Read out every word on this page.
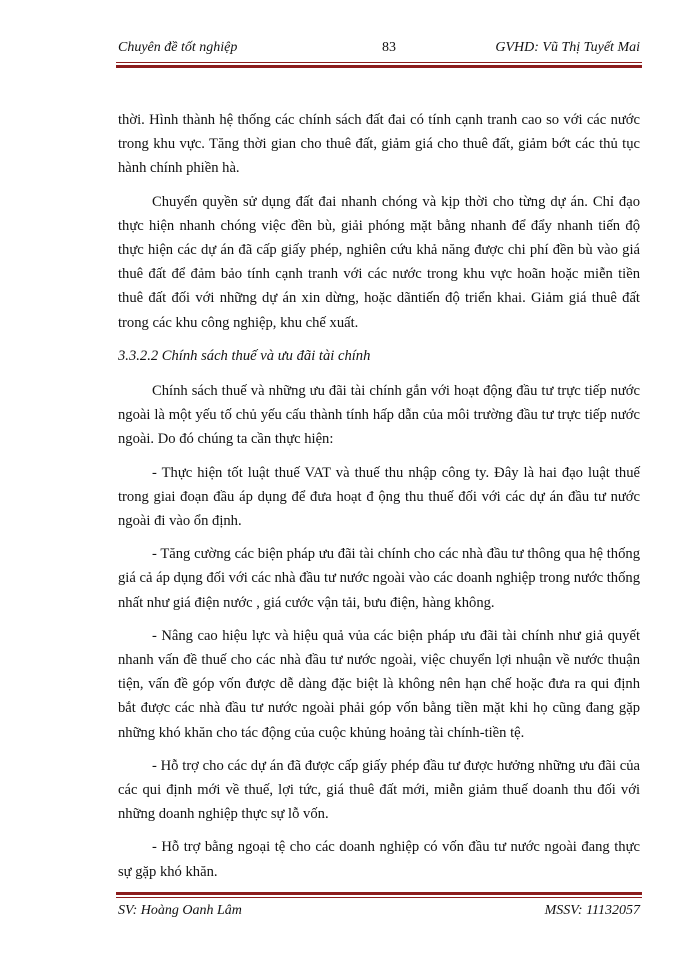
Chuyên đề tốt nghiệp	83	GVHD: Vũ Thị Tuyết Mai

thời. Hình thành hệ thống các chính sách đất đai có tính cạnh tranh cao so với các nước trong khu vực. Tăng thời gian cho thuê đất, giảm giá cho thuê đất, giảm bớt các thủ tục hành chính phiền hà.

Chuyển quyền sử dụng đất đai nhanh chóng và kịp thời cho từng dự án. Chỉ đạo thực hiện nhanh chóng việc đền bù, giải phóng mặt bằng nhanh để đẩy nhanh tiến độ thực hiện các dự án đã cấp giấy phép, nghiên cứu khả năng được chi phí đền bù vào giá thuê đất để đảm bảo tính cạnh tranh với các nước trong khu vực hoãn hoặc miễn tiền thuê đất đối với những dự án xin dừng, hoặc dãntiến độ triển khai. Giảm giá thuê đất trong các khu công nghiệp, khu chế xuất.

3.3.2.2 Chính sách thuế và ưu đãi tài chính

Chính sách thuế và những ưu đãi tài chính gắn với hoạt động đầu tư trực tiếp nước ngoài là một yếu tố chủ yếu cấu thành tính hấp dẫn của môi trường đầu tư trực tiếp nước ngoài. Do đó chúng ta cần thực hiện:

- Thực hiện tốt luật thuế VAT và thuế thu nhập công ty. Đây là hai đạo luật thuế trong giai đoạn đầu áp dụng để đưa hoạt đ ộng thu thuế đối với các dự án đầu tư nước ngoài đi vào ổn định.

- Tăng cường các biện pháp ưu đãi tài chính cho các nhà đầu tư thông qua hệ thống giá cả áp dụng đối với các nhà đầu tư nước ngoài vào các doanh nghiệp trong nước thống nhất như giá điện nước , giá cước vận tải, bưu điện, hàng không.

- Nâng cao hiệu lực và hiệu quả vủa các biện pháp ưu đãi tài chính như giả quyết nhanh vấn đề thuế cho các nhà đầu tư nước ngoài, việc chuyển lợi nhuận về nước thuận tiện, vấn đề góp vốn được dễ dàng đặc biệt là không nên hạn chế hoặc đưa ra qui định bắt được các nhà đầu tư nước ngoài phải góp vốn bằng tiền mặt khi họ cũng đang gặp những khó khăn cho tác động của cuộc khủng hoảng tài chính-tiền tệ.

- Hỗ trợ cho các dự án đã được cấp giấy phép đầu tư được hưởng những ưu đãi của các qui định mới về thuế, lợi tức, giá thuê đất mới, miễn giảm thuế doanh thu đối với những doanh nghiệp thực sự lỗ vốn.

- Hỗ trợ bằng ngoại tệ cho các doanh nghiệp có vốn đầu tư nước ngoài đang thực sự gặp khó khăn.

SV: Hoàng Oanh Lâm	MSSV: 11132057
